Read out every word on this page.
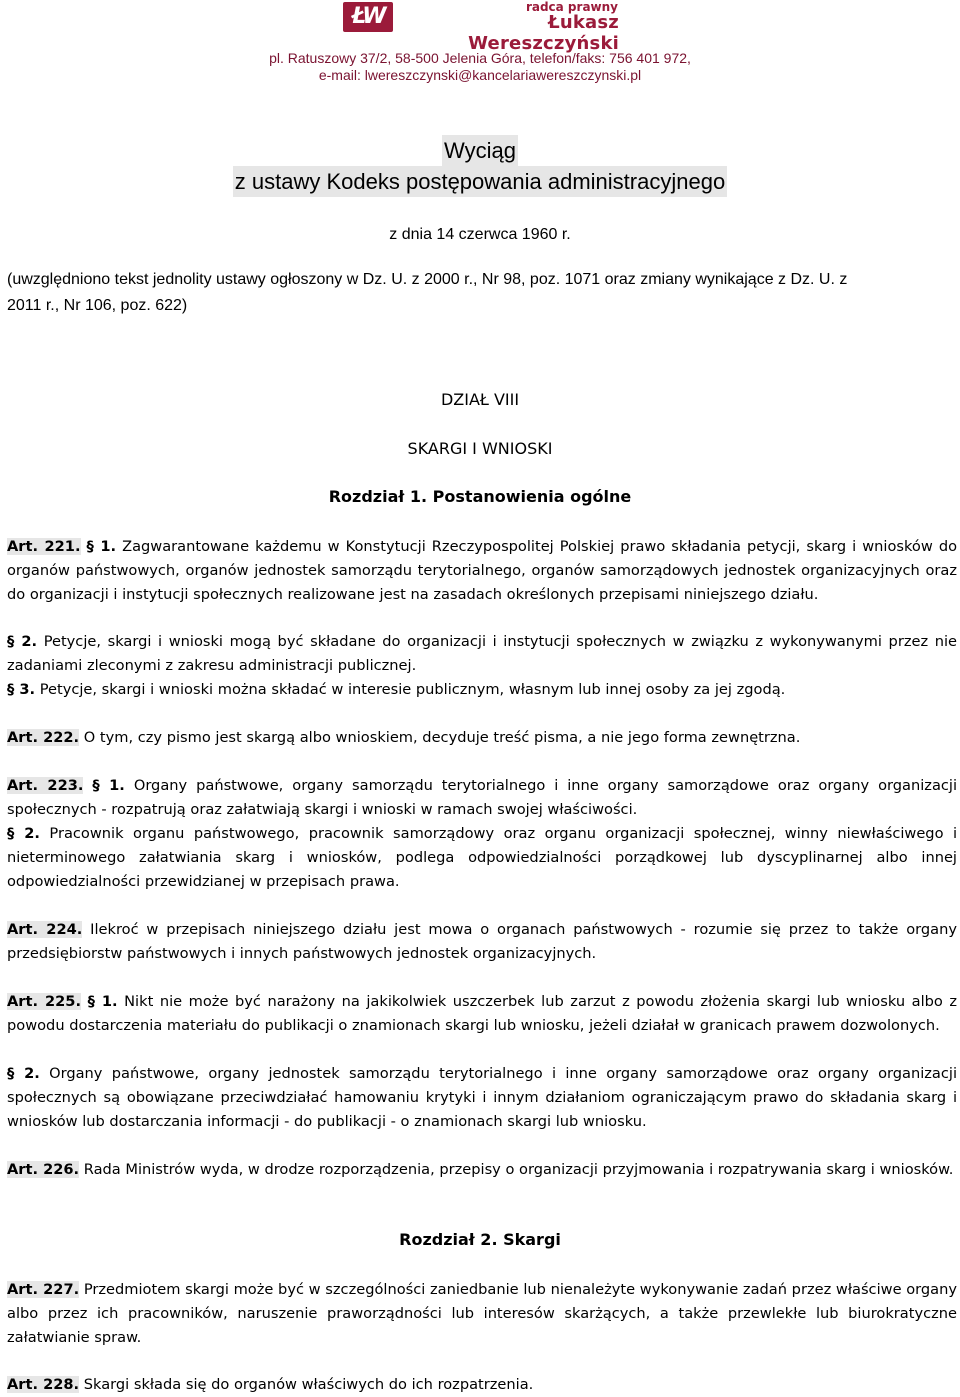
ŁW	radca prawny
Łukasz Wereszczyński
pl. Ratuszowy 37/2, 58-500 Jelenia Góra, telefon/faks: 756 401 972,
e-mail: lwereszczynski@kancelariawereszczynski.pl
Wyciąg
z ustawy Kodeks postępowania administracyjnego
z dnia 14 czerwca 1960 r.
(uwzględniono tekst jednolity ustawy ogłoszony w Dz. U. z 2000 r., Nr 98, poz. 1071 oraz zmiany wynikające z Dz. U. z
2011 r., Nr 106, poz. 622)
DZIAŁ VIII
SKARGI I WNIOSKI
Rozdział 1. Postanowienia ogólne
Art. 221. § 1. Zagwarantowane każdemu w Konstytucji Rzeczypospolitej Polskiej prawo składania petycji, skarg i wniosków do organów państwowych, organów jednostek samorządu terytorialnego, organów samorządowych jednostek organizacyjnych oraz do organizacji i instytucji społecznych realizowane jest na zasadach określonych przepisami niniejszego działu.
§ 2. Petycje, skargi i wnioski mogą być składane do organizacji i instytucji społecznych w związku z wykonywanymi przez nie zadaniami zleconymi z zakresu administracji publicznej.
§ 3. Petycje, skargi i wnioski można składać w interesie publicznym, własnym lub innej osoby za jej zgodą.
Art. 222. O tym, czy pismo jest skargą albo wnioskiem, decyduje treść pisma, a nie jego forma zewnętrzna.
Art. 223. § 1. Organy państwowe, organy samorządu terytorialnego i inne organy samorządowe oraz organy organizacji społecznych - rozpatrują oraz załatwiają skargi i wnioski w ramach swojej właściwości.
§ 2. Pracownik organu państwowego, pracownik samorządowy oraz organu organizacji społecznej, winny niewłaściwego i nieterminowego załatwiania skarg i wniosków, podlega odpowiedzialności porządkowej lub dyscyplinarnej albo innej odpowiedzialności przewidzianej w przepisach prawa.
Art. 224. Ilekroć w przepisach niniejszego działu jest mowa o organach państwowych - rozumie się przez to także organy przedsiębiorstw państwowych i innych państwowych jednostek organizacyjnych.
Art. 225. § 1. Nikt nie może być narażony na jakikolwiek uszczerbek lub zarzut z powodu złożenia skargi lub wniosku albo z powodu dostarczenia materiału do publikacji o znamionach skargi lub wniosku, jeżeli działał w granicach prawem dozwolonych.
§ 2. Organy państwowe, organy jednostek samorządu terytorialnego i inne organy samorządowe oraz organy organizacji społecznych są obowiązane przeciwdziałać hamowaniu krytyki i innym działaniom ograniczającym prawo do składania skarg i wniosków lub dostarczania informacji - do publikacji - o znamionach skargi lub wniosku.
Art. 226. Rada Ministrów wyda, w drodze rozporządzenia, przepisy o organizacji przyjmowania i rozpatrywania skarg i wniosków.
Rozdział 2. Skargi
Art. 227. Przedmiotem skargi może być w szczególności zaniedbanie lub nienależyte wykonywanie zadań przez właściwe organy albo przez ich pracowników, naruszenie praworządności lub interesów skarżących, a także przewlekłe lub biurokratyczne załatwianie spraw.
Art. 228. Skargi składa się do organów właściwych do ich rozpatrzenia.
